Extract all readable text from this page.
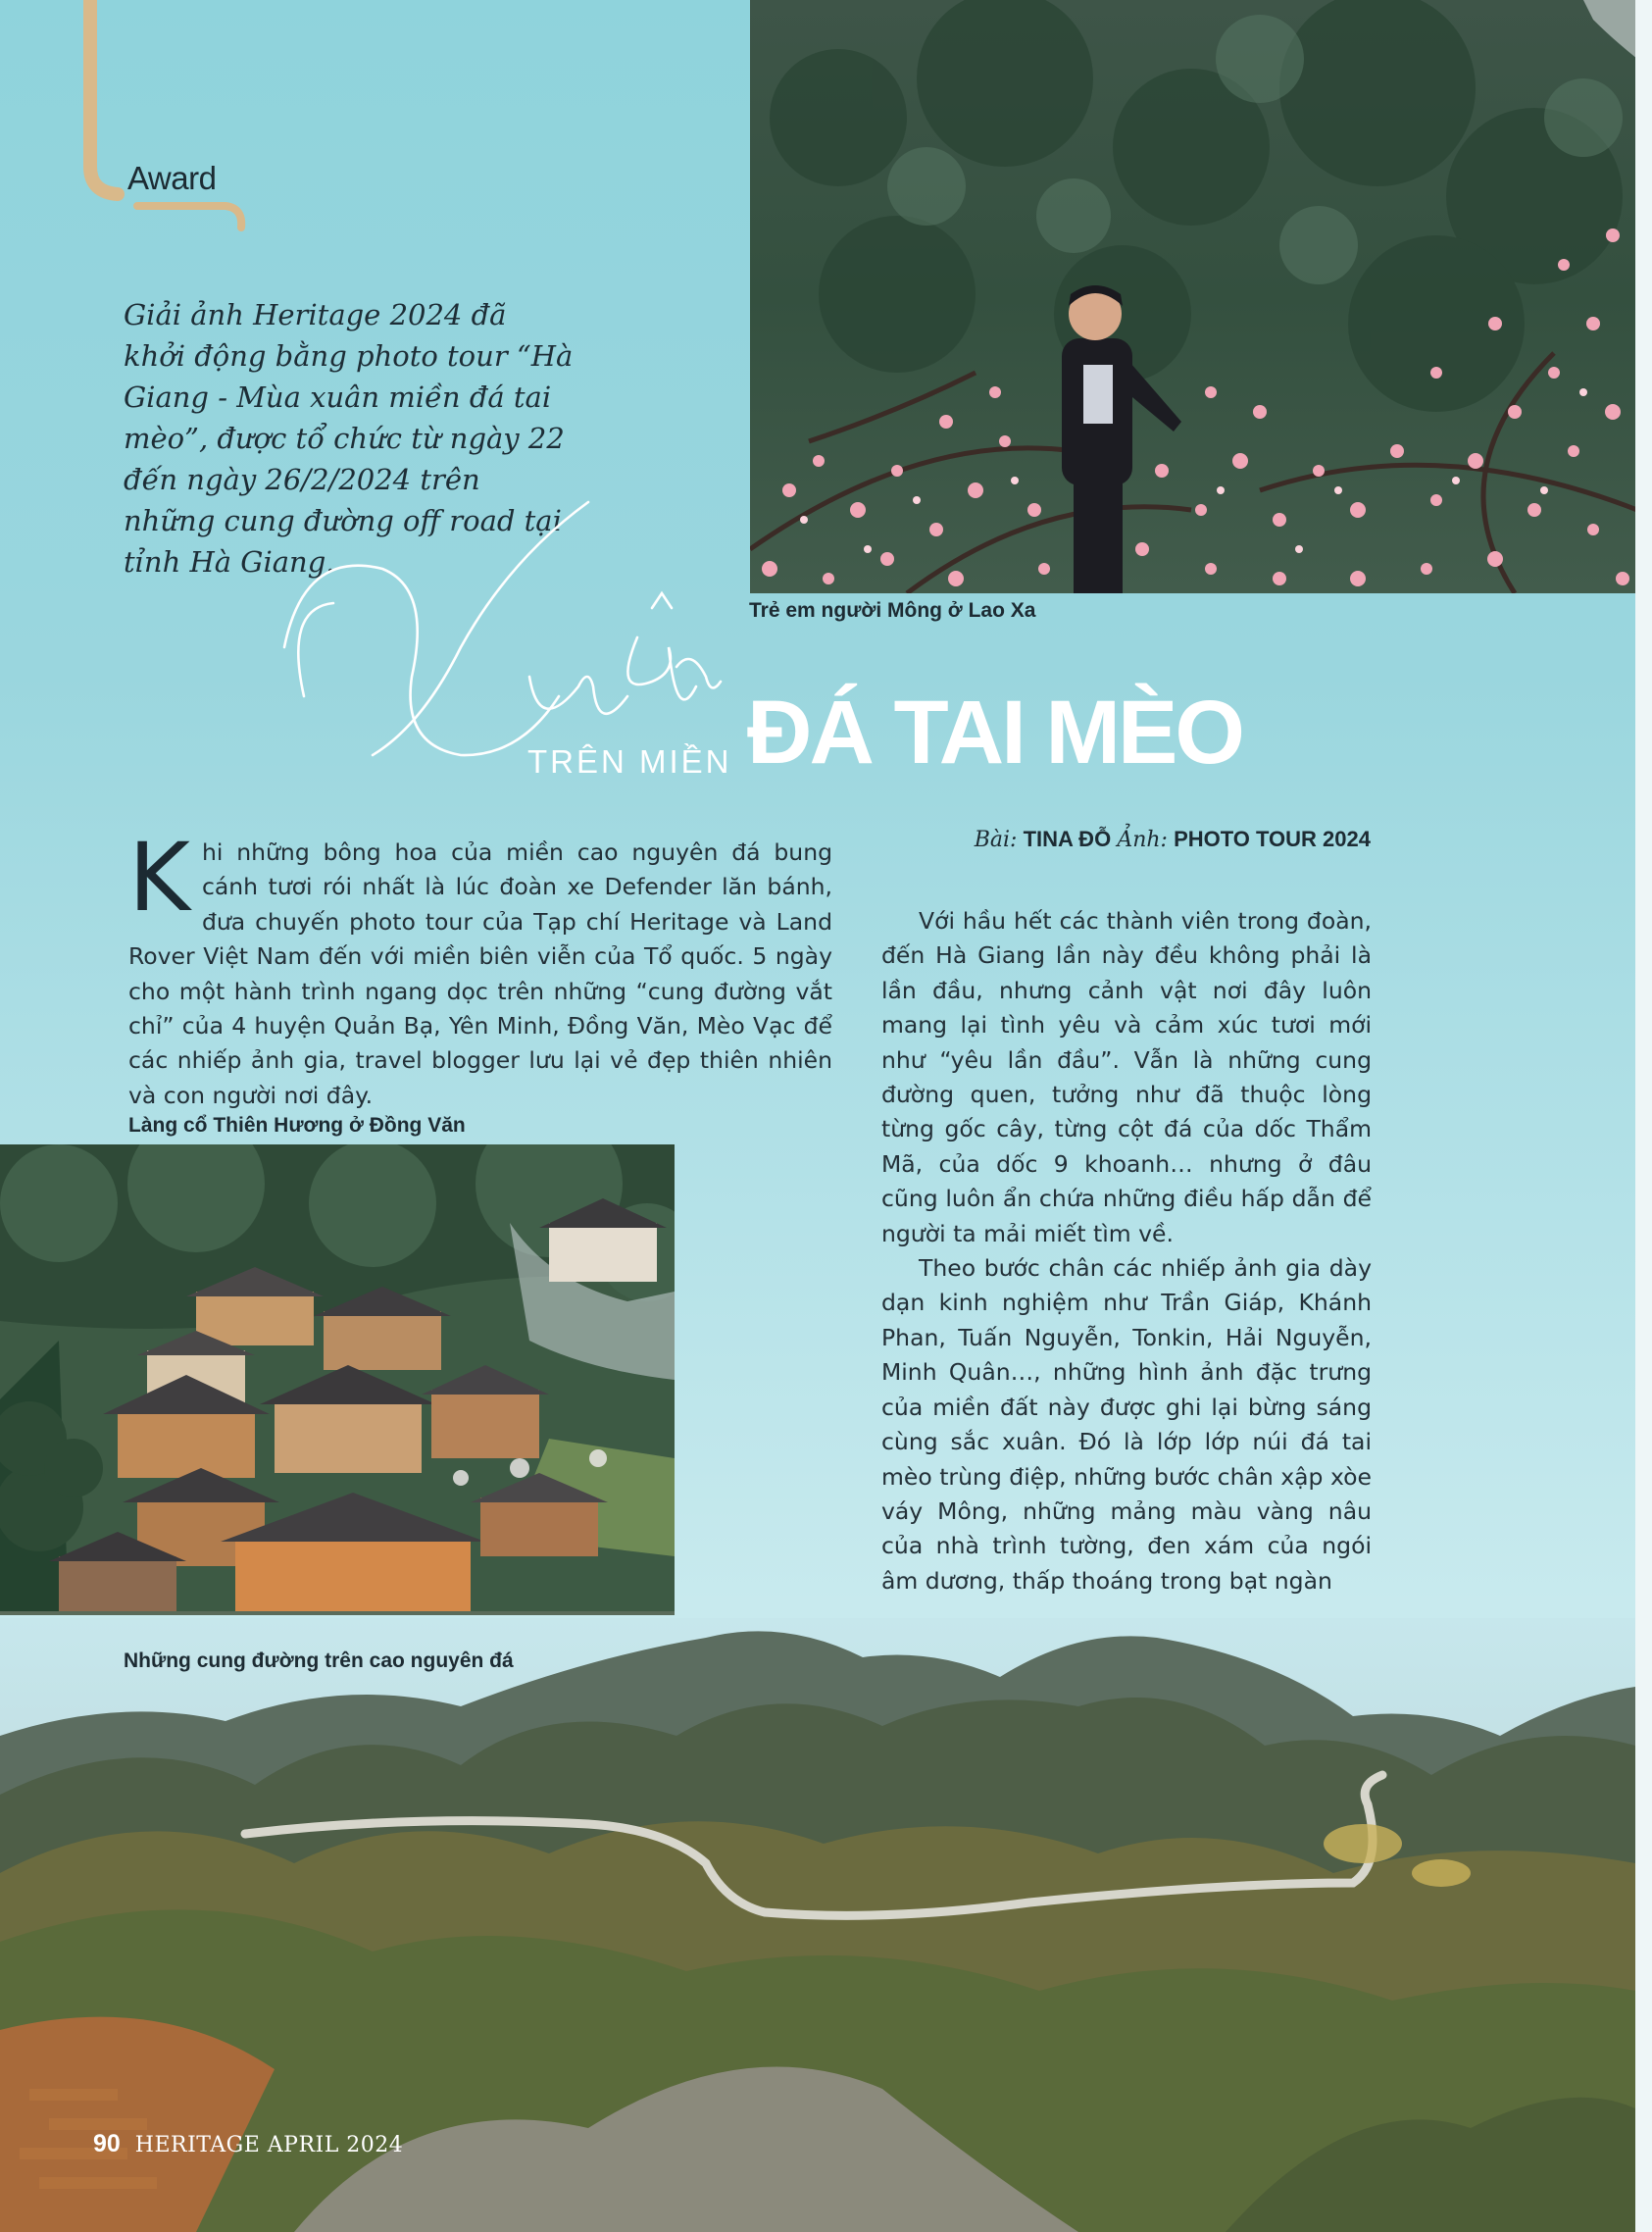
Award

Giải ảnh Heritage 2024 đã khởi động bằng photo tour “Hà Giang - Mùa xuân miền đá tai mèo”, được tổ chức từ ngày 22 đến ngày 26/2/2024 trên những cung đường off road tại tỉnh Hà Giang.

Trẻ em người Mông ở Lao Xa
TRÊN MIỀN ĐÁ TAI MÈO
Bài: TINA ĐỖ Ảnh: PHOTO TOUR 2024

Khi những bông hoa của miền cao nguyên đá bung cánh tươi rói nhất là lúc đoàn xe Defender lăn bánh, đưa chuyến photo tour của Tạp chí Heritage và Land Rover Việt Nam đến với miền biên viễn của Tổ quốc. 5 ngày cho một hành trình ngang dọc trên những “cung đường vắt chỉ” của 4 huyện Quản Bạ, Yên Minh, Đồng Văn, Mèo Vạc để các nhiếp ảnh gia, travel blogger lưu lại vẻ đẹp thiên nhiên và con người nơi đây.

Với hầu hết các thành viên trong đoàn, đến Hà Giang lần này đều không phải là lần đầu, nhưng cảnh vật nơi đây luôn mang lại tình yêu và cảm xúc tươi mới như “yêu lần đầu”. Vẫn là những cung đường quen, tưởng như đã thuộc lòng từng gốc cây, từng cột đá của dốc Thẩm Mã, của dốc 9 khoanh… nhưng ở đâu cũng luôn ẩn chứa những điều hấp dẫn để người ta mải miết tìm về.

Theo bước chân các nhiếp ảnh gia dày dạn kinh nghiệm như Trần Giáp, Khánh Phan, Tuấn Nguyễn, Tonkin, Hải Nguyễn, Minh Quân…, những hình ảnh đặc trưng của miền đất này được ghi lại bừng sáng cùng sắc xuân. Đó là lớp lớp núi đá tai mèo trùng điệp, những bước chân xập xòe váy Mông, những mảng màu vàng nâu của nhà trình tường, đen xám của ngói âm dương, thấp thoáng trong bạt ngàn

Làng cổ Thiên Hương ở Đồng Văn
Những cung đường trên cao nguyên đá
90 HERITAGE APRIL 2024
